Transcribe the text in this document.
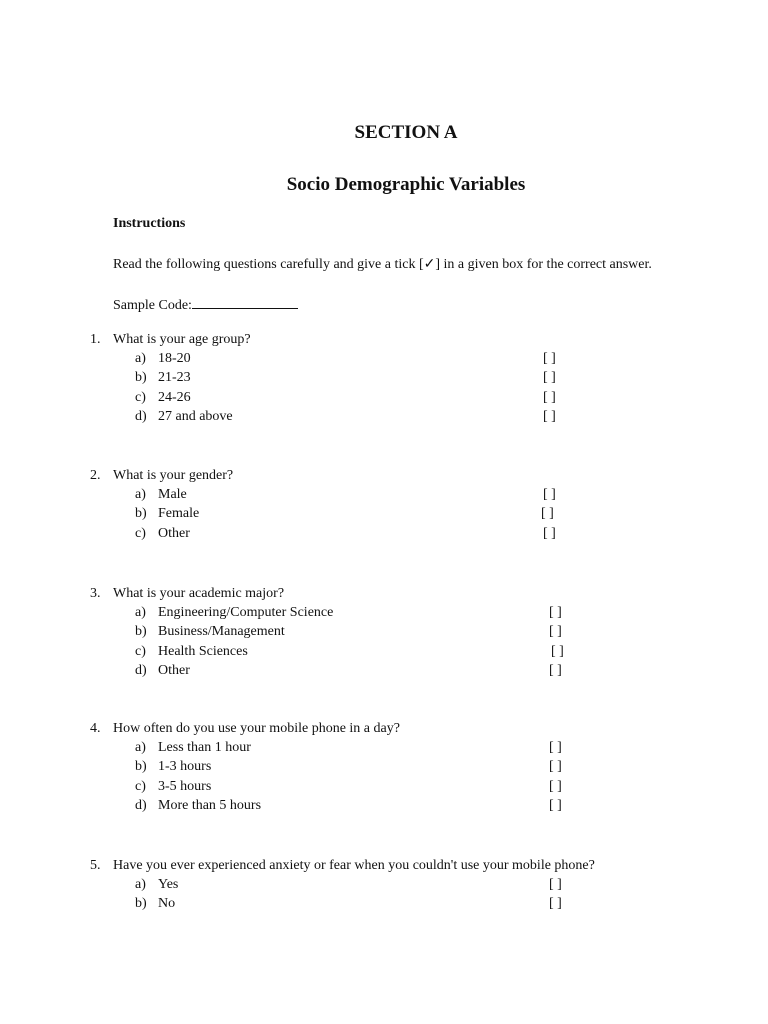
SECTION A
Socio Demographic Variables
Instructions
Read the following questions carefully and give a tick [✓] in a given box for the correct answer.
Sample Code:
1. What is your age group?
a) 18-20	[ ]
b) 21-23	[ ]
c) 24-26	[ ]
d) 27 and above	[ ]
2. What is your gender?
a) Male	[ ]
b) Female	[ ]
c) Other	[ ]
3. What is your academic major?
a) Engineering/Computer Science	[ ]
b) Business/Management	[ ]
c) Health Sciences	[ ]
d) Other	[ ]
4. How often do you use your mobile phone in a day?
a) Less than 1 hour	[ ]
b) 1-3 hours	[ ]
c) 3-5 hours	[ ]
d) More than 5 hours	[ ]
5. Have you ever experienced anxiety or fear when you couldn't use your mobile phone?
a) Yes	[ ]
b) No	[ ]
